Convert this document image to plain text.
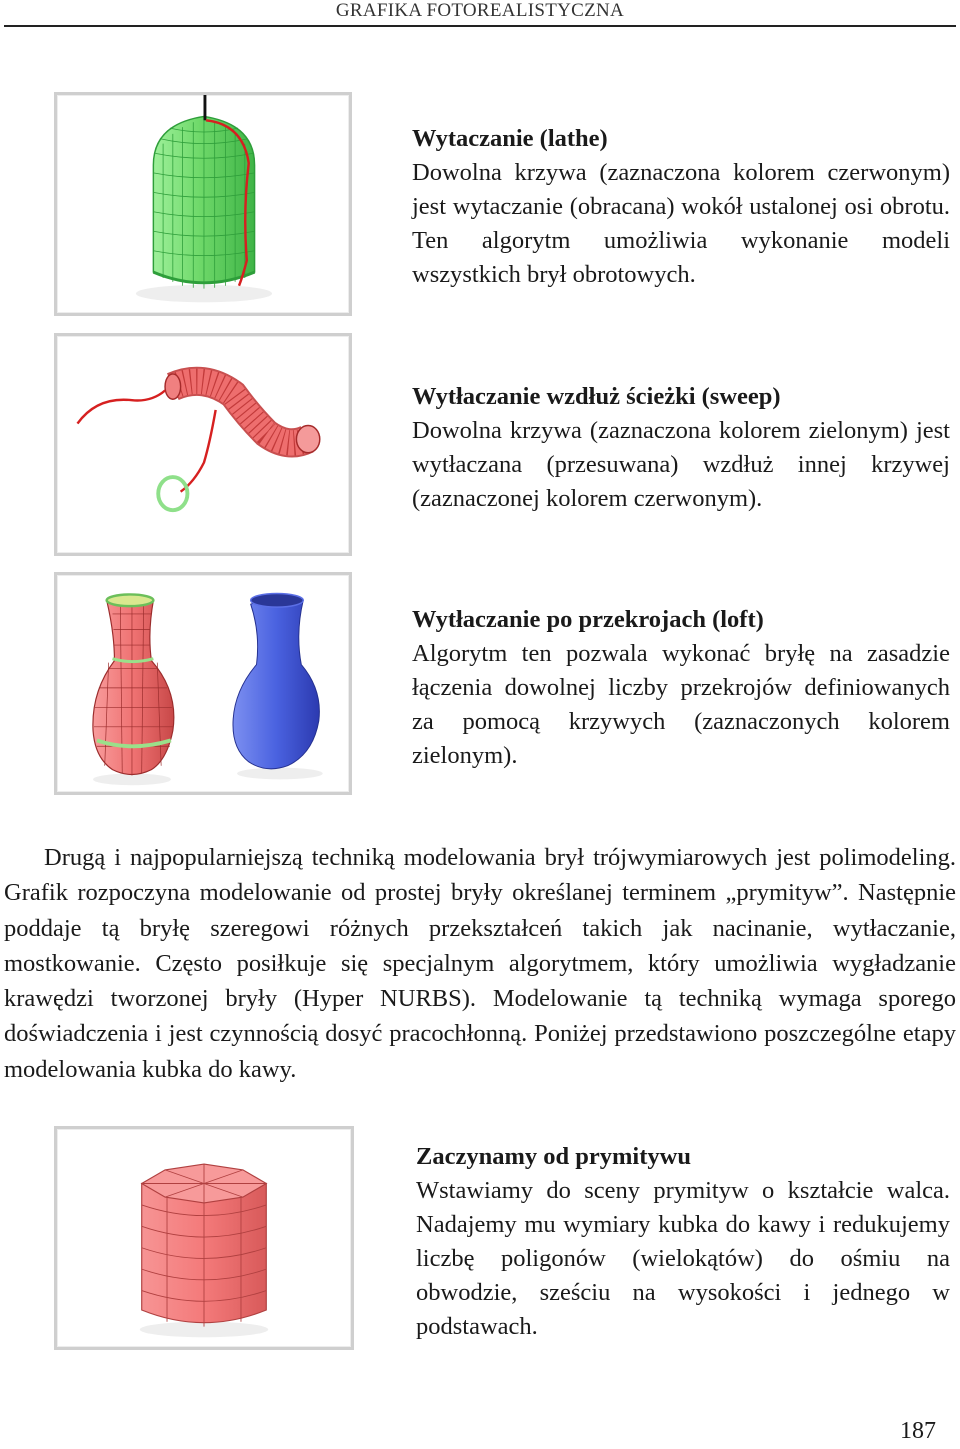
GRAFIKA FOTOREALISTYCZNA
Wytaczanie (lathe)
Dowolna krzywa (zaznaczona kolorem czerwonym) jest wytaczanie (obracana) wokół ustalonej osi obrotu. Ten algorytm umożliwia wykonanie modeli wszystkich brył obrotowych.
Wytłaczanie wzdłuż ścieżki (sweep)
Dowolna krzywa (zaznaczona kolorem zielonym) jest wytłaczana (przesuwana) wzdłuż innej krzywej (zaznaczonej kolorem czerwonym).
Wytłaczanie po przekrojach (loft)
Algorytm ten pozwala wykonać bryłę na zasadzie łączenia dowolnej liczby przekrojów definiowanych za pomocą krzywych (zaznaczonych kolorem zielonym).
Drugą i najpopularniejszą techniką modelowania brył trójwymiarowych jest polimodeling. Grafik rozpoczyna modelowanie od prostej bryły określanej terminem „prymityw”. Następnie poddaje tą bryłę szeregowi różnych przekształceń takich jak nacinanie, wytłaczanie, mostkowanie. Często posiłkuje się specjalnym algorytmem, który umożliwia wygładzanie krawędzi tworzonej bryły (Hyper NURBS). Modelowanie tą techniką wymaga sporego doświadczenia i jest czynnością dosyć pracochłonną. Poniżej przedstawiono poszczególne etapy modelowania kubka do kawy.
Zaczynamy od prymitywu
Wstawiamy do sceny prymityw o kształcie walca. Nadajemy mu wymiary kubka do kawy i redukujemy liczbę poligonów (wielokątów) do ośmiu na obwodzie, sześciu na wysokości i jednego w podstawach.
187
